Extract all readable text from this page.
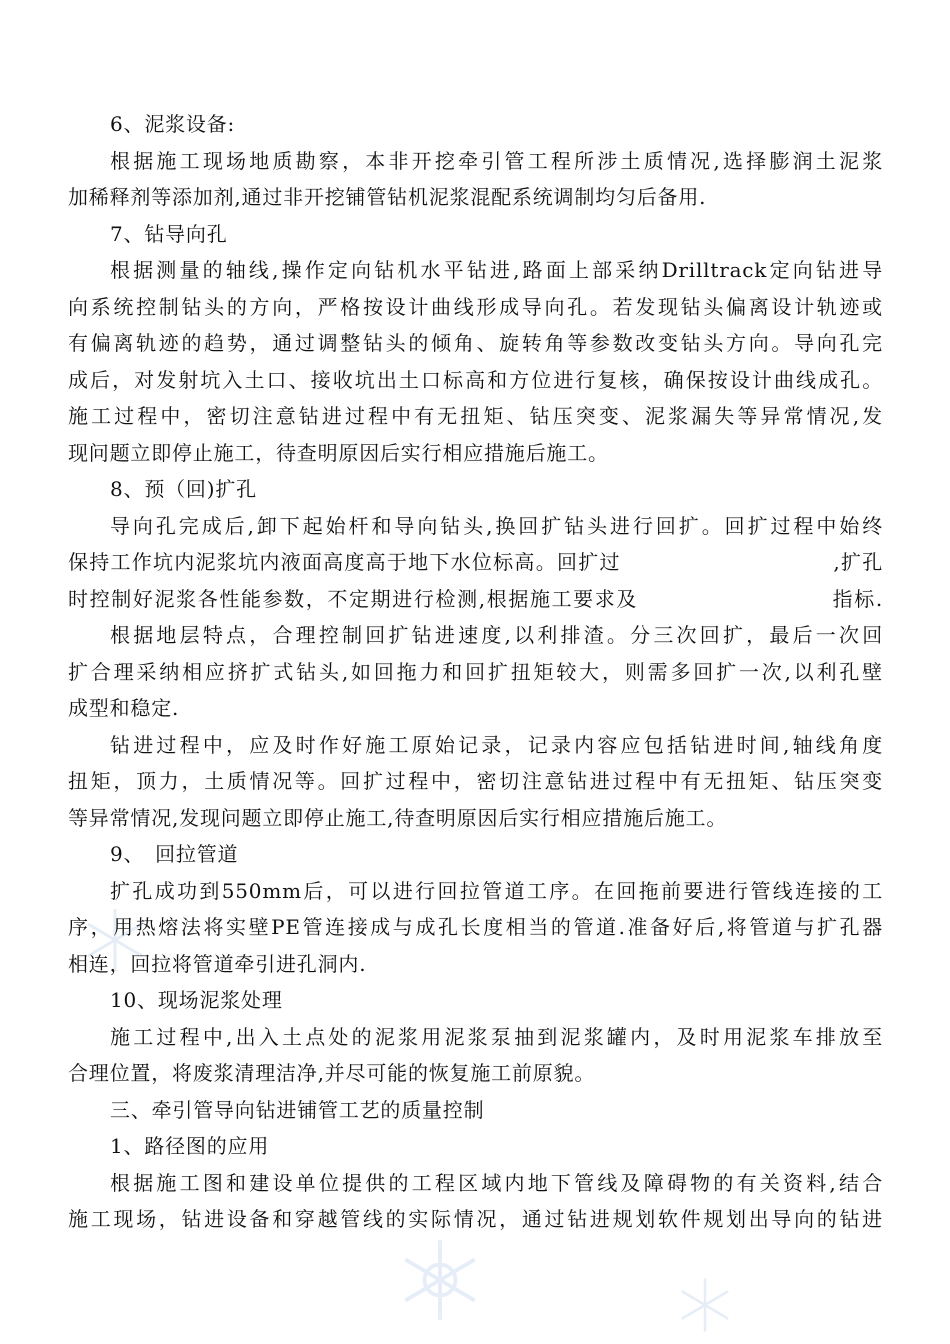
6、泥浆设备:
根据施工现场地质勘察，本非开挖牵引管工程所涉土质情况,选择膨润土泥浆
加稀释剂等添加剂,通过非开挖铺管钻机泥浆混配系统调制均匀后备用.
7、钻导向孔
根据测量的轴线,操作定向钻机水平钻进,路面上部采纳Drilltrack定向钻进导
向系统控制钻头的方向，严格按设计曲线形成导向孔。若发现钻头偏离设计轨迹或
有偏离轨迹的趋势，通过调整钻头的倾角、旋转角等参数改变钻头方向。导向孔完
成后，对发射坑入土口、接收坑出土口标高和方位进行复核，确保按设计曲线成孔。
施工过程中，密切注意钻进过程中有无扭矩、钻压突变、泥浆漏失等异常情况,发
现问题立即停止施工，待查明原因后实行相应措施后施工。
8、预（回)扩孔
导向孔完成后,卸下起始杆和导向钻头,换回扩钻头进行回扩。回扩过程中始终
保持工作坑内泥浆坑内液面高度高于地下水位标高。回扩过　　　　　　　　　　,扩孔
时控制好泥浆各性能参数，不定期进行检测,根据施工要求及　　　　　　　　　指标.
根据地层特点，合理控制回扩钻进速度,以利排渣。分三次回扩，最后一次回
扩合理采纳相应挤扩式钻头,如回拖力和回扩扭矩较大，则需多回扩一次,以利孔壁
成型和稳定.
钻进过程中，应及时作好施工原始记录，记录内容应包括钻进时间,轴线角度
扭矩，顶力，土质情况等。回扩过程中，密切注意钻进过程中有无扭矩、钻压突变
等异常情况,发现问题立即停止施工,待查明原因后实行相应措施后施工。
9、　回拉管道
扩孔成功到550mm后，可以进行回拉管道工序。在回拖前要进行管线连接的工
序，用热熔法将实壁PE管连接成与成孔长度相当的管道.准备好后,将管道与扩孔器
相连，回拉将管道牵引进孔洞内.
10、现场泥浆处理
施工过程中,出入土点处的泥浆用泥浆泵抽到泥浆罐内，及时用泥浆车排放至
合理位置，将废浆清理洁净,并尽可能的恢复施工前原貌。
三、牵引管导向钻进铺管工艺的质量控制
1、路径图的应用
根据施工图和建设单位提供的工程区域内地下管线及障碍物的有关资料,结合
施工现场，钻进设备和穿越管线的实际情况，通过钻进规划软件规划出导向的钻进
